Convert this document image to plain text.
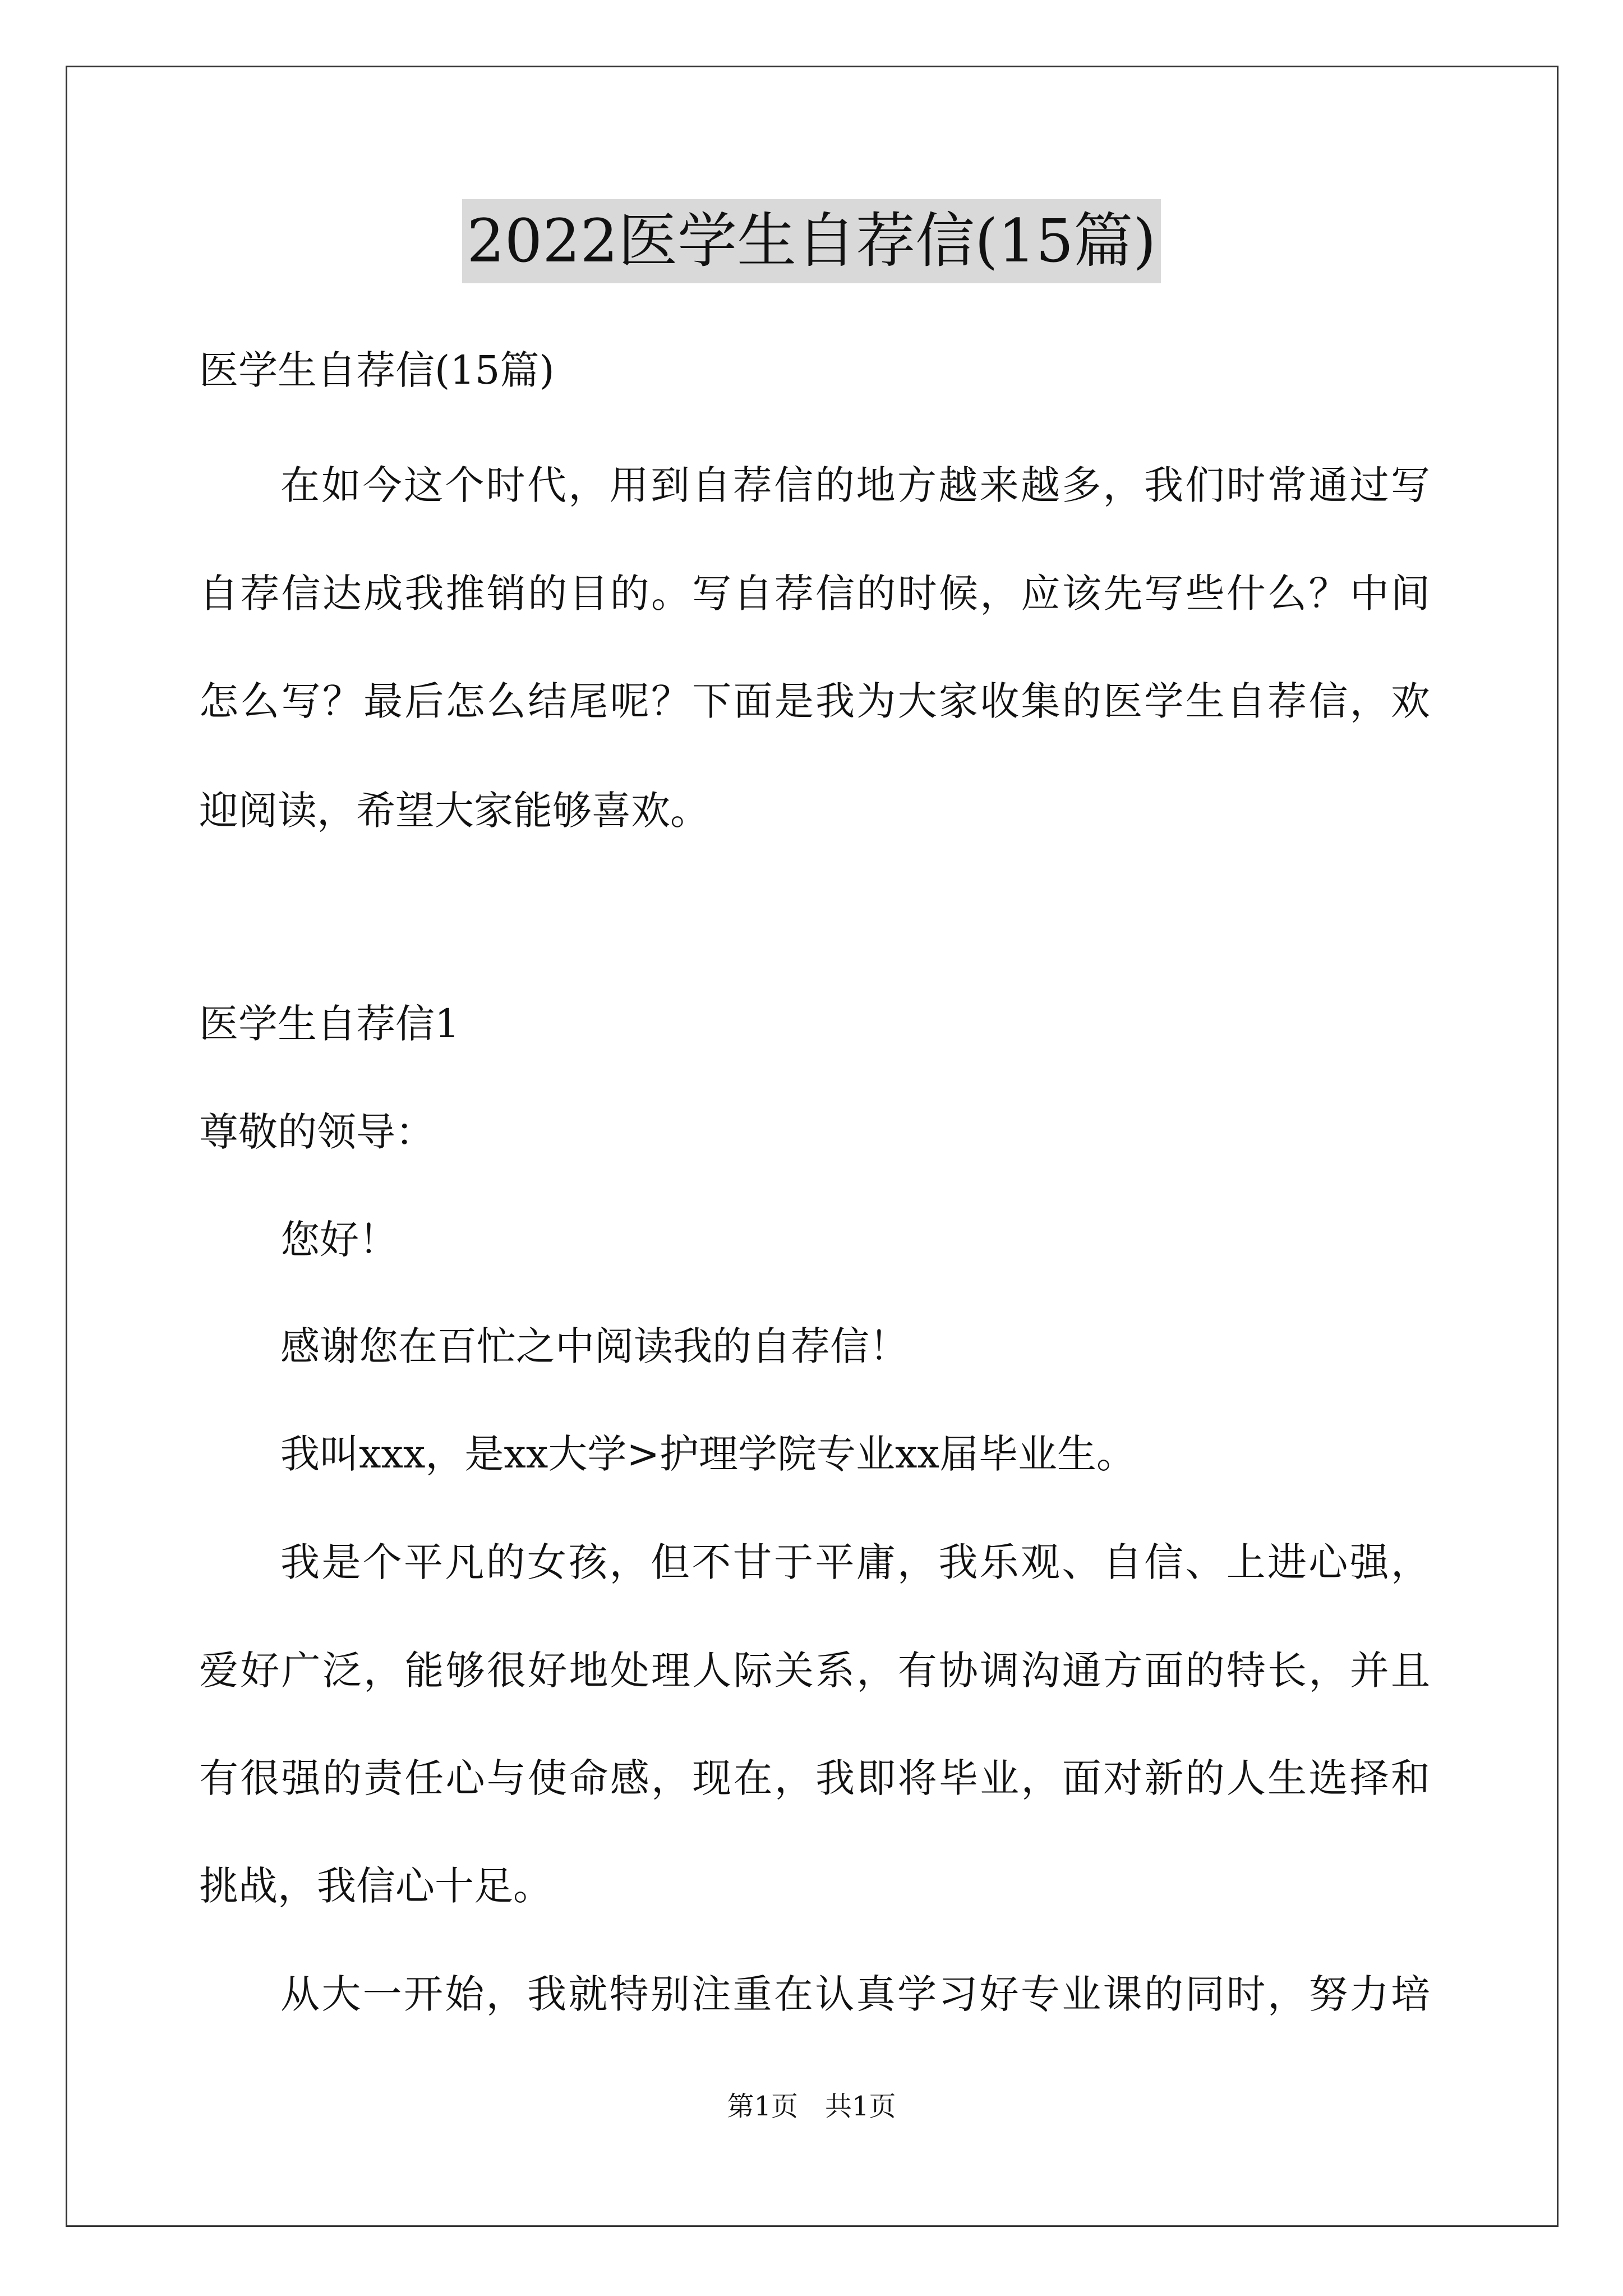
2022医学生自荐信(15篇)
医学生自荐信(15篇)
在如今这个时代，用到自荐信的地方越来越多，我们时常通过写
自荐信达成我推销的目的。写自荐信的时候，应该先写些什么？中间
怎么写？最后怎么结尾呢？下面是我为大家收集的医学生自荐信，欢
迎阅读，希望大家能够喜欢。
医学生自荐信1
尊敬的领导：
您好！
感谢您在百忙之中阅读我的自荐信！
我叫xxx，是xx大学>护理学院专业xx届毕业生。
我是个平凡的女孩，但不甘于平庸，我乐观、自信、上进心强，
爱好广泛，能够很好地处理人际关系，有协调沟通方面的特长，并且
有很强的责任心与使命感，现在，我即将毕业，面对新的人生选择和
挑战，我信心十足。
从大一开始，我就特别注重在认真学习好专业课的同时，努力培
第1页　共1页
